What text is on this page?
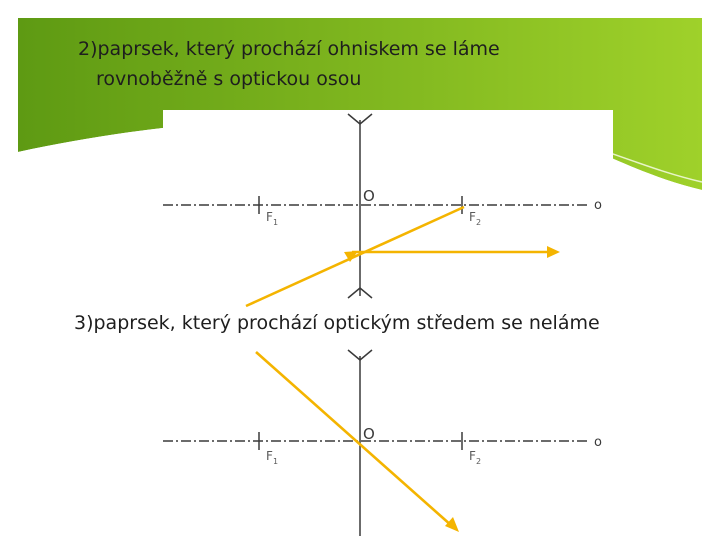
2)paprsek, který prochází ohniskem se láme
rovnoběžně s optickou osou
O
o
F 1	F 2
3)paprsek, který prochází optickým středem se neláme
O	o
F 1	F 2
